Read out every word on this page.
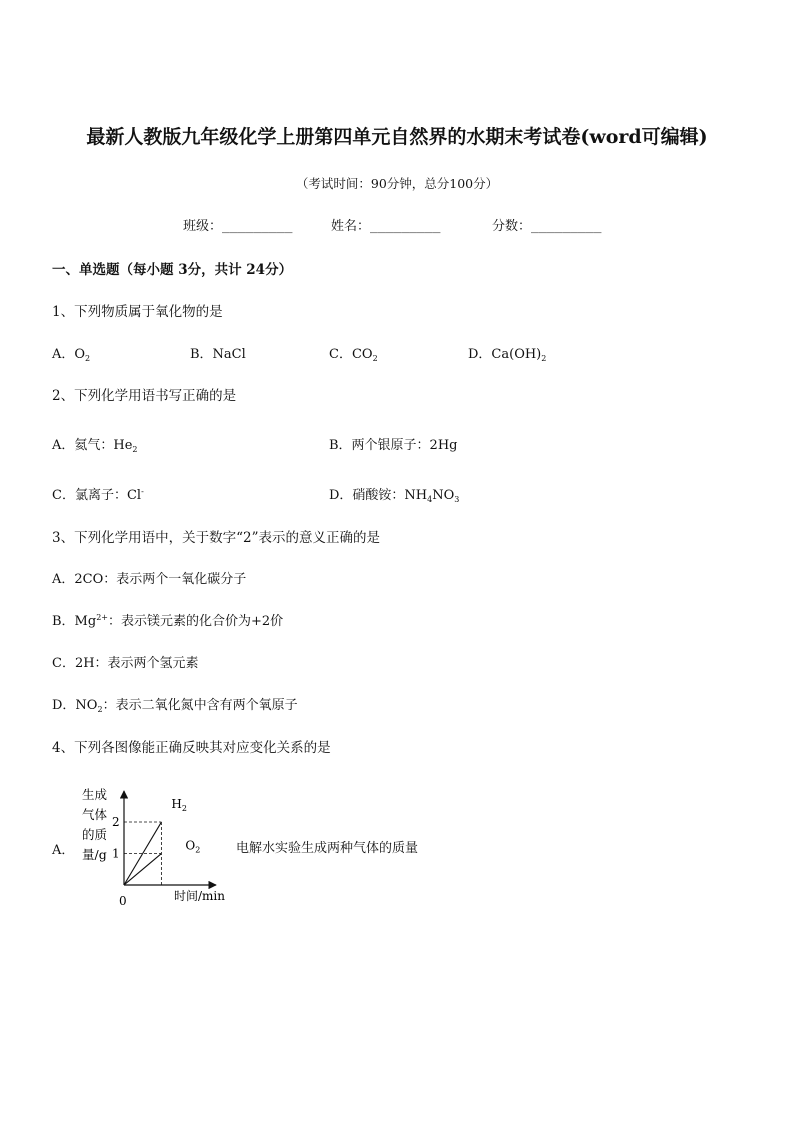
最新人教版九年级化学上册第四单元自然界的水期末考试卷(word可编辑)
（考试时间：90分钟，总分100分）
班级：_________	姓名：_________	分数：_________
一、单选题（每小题 3分，共计 24分）
1、下列物质属于氧化物的是
A．$O_2$	B．NaCl	C．$CO_2$	D．$Ca(OH)_2$
2、下列化学用语书写正确的是
A．氦气：$He_2$	B．两个银原子：2Hg
C．氯离子：Cl-	D．硝酸铵：$NH_4NO_3$
3、下列化学用语中，关于数字“2”表示的意义正确的是
A．2CO：表示两个一氧化碳分子
B．$Mg^{2+}$：表示镁元素的化合价为+2价
C．2H：表示两个氢元素
D．$NO_2$：表示二氧化氮中含有两个氧原子
4、下列各图像能正确反映其对应变化关系的是
A．	电解水实验生成两种气体的质量
生成
气体
的质
量/g
2
1
$H_2$
$O_2$
0	时间/min
